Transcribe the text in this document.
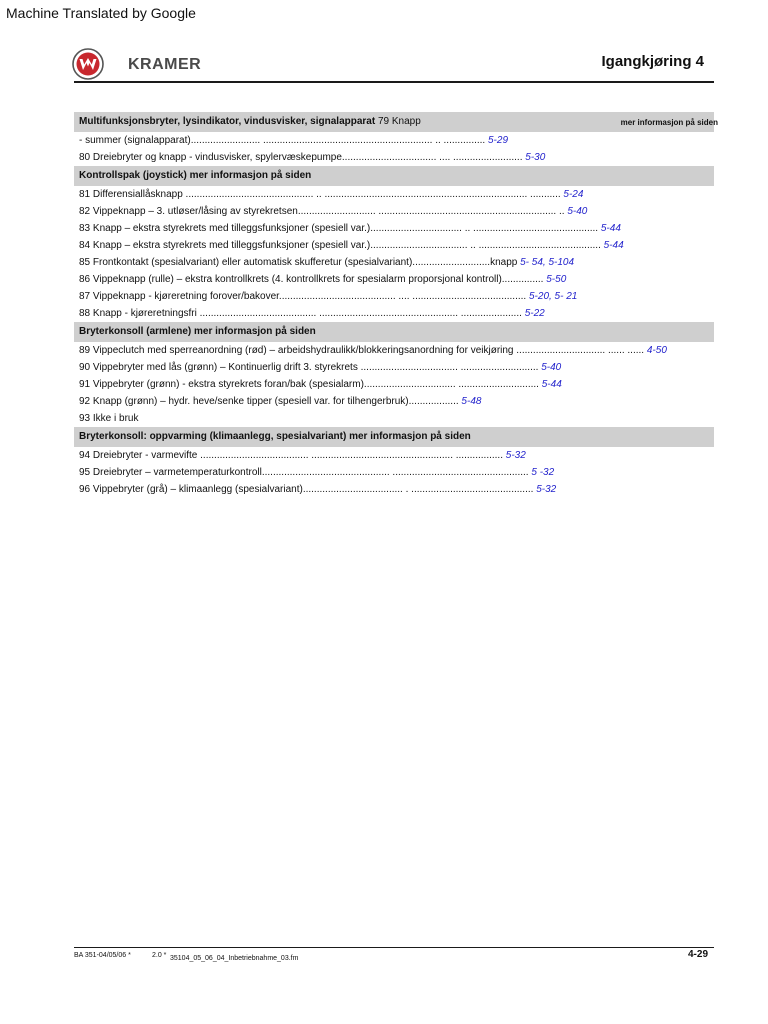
Machine Translated by Google
KRAMER	Igangkjøring 4
Multifunksjonsbryter, lysindikator, vindusvisker, signalapparat 79 Knapp	mer informasjon på siden
- summer (signalapparat)......................... ............................................................. .. ............... 5-29
80 Dreiebryter og knapp - vindusvisker, spylervæskepumpe.................................. .... ......................... 5-30
Kontrollspak (joystick) mer informasjon på siden
81 Differensiallåsknapp .............................................. .. ......................................................................... ........... 5-24
82 Vippeknapp – 3. utløser/låsing av styrekretsen............................ ................................................................ .. 5-40
83 Knapp – ekstra styrekrets med tilleggsfunksjoner (spesiell var.)................................. .. ............................................. 5-44
84 Knapp – ekstra styrekrets med tilleggsfunksjoner (spesiell var.)................................... .. ............................................ 5-44
85 Frontkontakt (spesialvariant) eller automatisk skufferetur (spesialvariant)............................knapp 5- 54, 5-104
86 Vippeknapp (rulle) – ekstra kontrollkrets (4. kontrollkrets for spesialarm proporsjonal kontroll)............... 5-50
87 Vippeknapp - kjøreretning forover/bakover.......................................... .... ......................................... 5-20, 5- 21
88 Knapp - kjøreretningsfri .......................................... .................................................. ...................... 5-22
Bryterkonsoll (armlene) mer informasjon på siden
89 Vippeclutch med sperreanordning (rød) – arbeidshydraulikk/blokkeringsanordning for veikjøring ................................ ...... ...... 4-50
90 Vippebryter med lås (grønn) – Kontinuerlig drift 3. styrekrets ................................... ............................ 5-40
91 Vippebryter (grønn) - ekstra styrekrets foran/bak (spesialarm)................................. ............................. 5-44
92 Knapp (grønn) – hydr. heve/senke tipper (spesiell var. for tilhengerbruk).................. 5-48
93 Ikke i bruk
Bryterkonsoll: oppvarming (klimaanlegg, spesialvariant) mer informasjon på siden
94 Dreiebryter - varmevifte ....................................... ................................................... ................. 5-32
95 Dreiebryter – varmetemperaturkontroll.............................................. ................................................. 5 -32
96 Vippebryter (grå) – klimaanlegg (spesialvariant).................................... . ............................................ 5-32
BA 351-04/05/06 *	2.0 * 35104_05_06_04_Inbetriebnahme_03.fm	4-29
